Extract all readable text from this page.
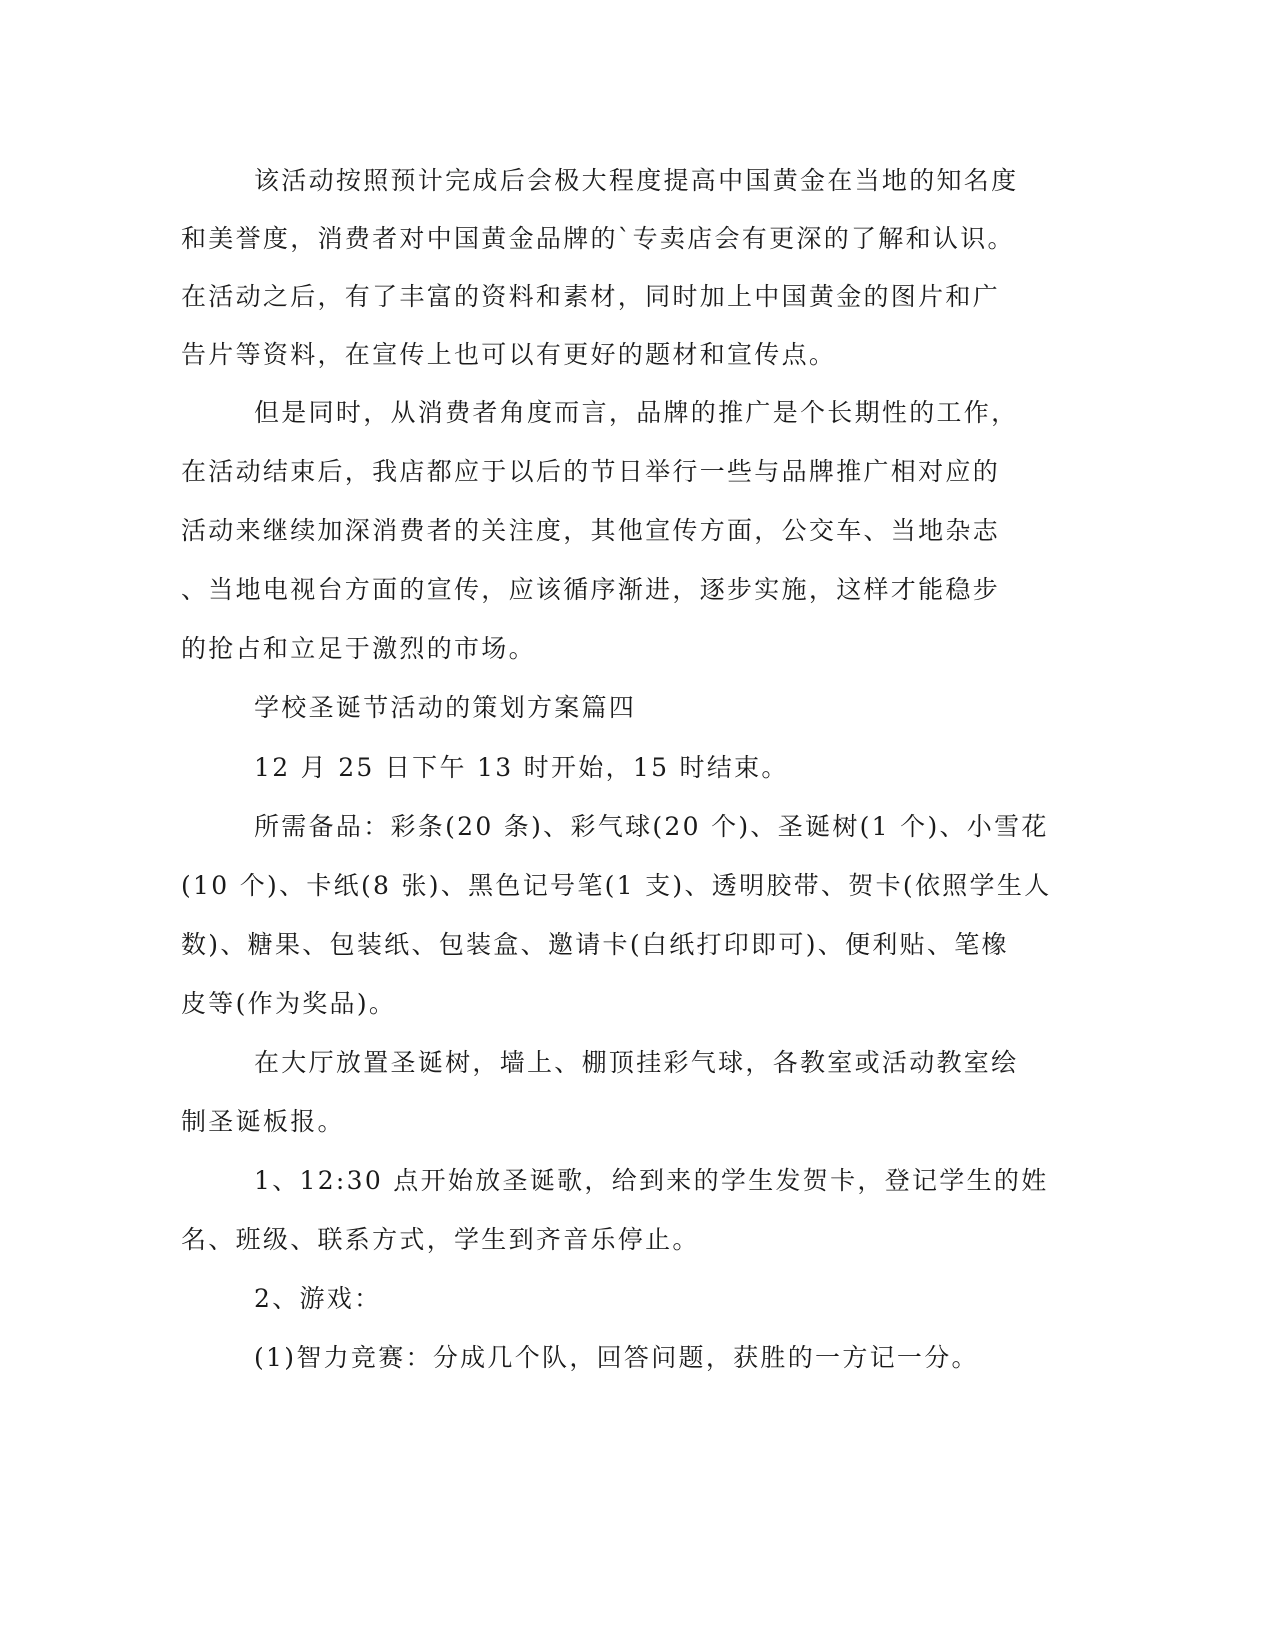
该活动按照预计完成后会极大程度提高中国黄金在当地的知名度

和美誉度，消费者对中国黄金品牌的`专卖店会有更深的了解和认识。

在活动之后，有了丰富的资料和素材，同时加上中国黄金的图片和广

告片等资料，在宣传上也可以有更好的题材和宣传点。

但是同时，从消费者角度而言，品牌的推广是个长期性的工作，

在活动结束后，我店都应于以后的节日举行一些与品牌推广相对应的

活动来继续加深消费者的关注度，其他宣传方面，公交车、当地杂志

、当地电视台方面的宣传，应该循序渐进，逐步实施，这样才能稳步

的抢占和立足于激烈的市场。

学校圣诞节活动的策划方案篇四

12 月 25 日下午 13 时开始，15 时结束。

所需备品：彩条(20 条)、彩气球(20 个)、圣诞树(1 个)、小雪花

(10 个)、卡纸(8 张)、黑色记号笔(1 支)、透明胶带、贺卡(依照学生人

数)、糖果、包装纸、包装盒、邀请卡(白纸打印即可)、便利贴、笔橡

皮等(作为奖品)。

在大厅放置圣诞树，墙上、棚顶挂彩气球，各教室或活动教室绘

制圣诞板报。

1、12:30 点开始放圣诞歌，给到来的学生发贺卡，登记学生的姓

名、班级、联系方式，学生到齐音乐停止。

2、游戏：

(1)智力竞赛：分成几个队，回答问题，获胜的一方记一分。
